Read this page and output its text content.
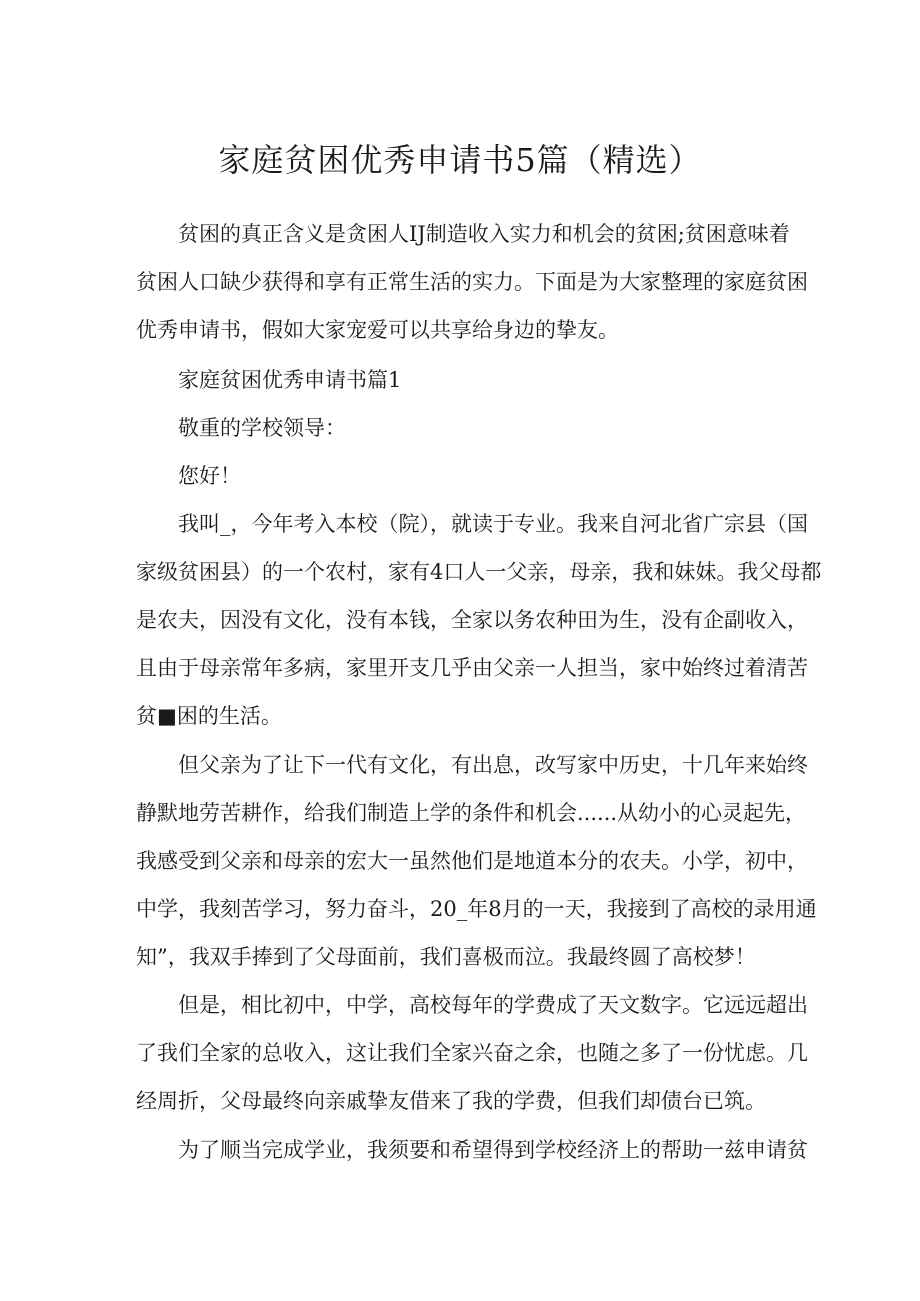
家庭贫困优秀申请书5篇（精选）
贫困的真正含义是贪困人IJ制造收入实力和机会的贫困;贫困意味着
贫困人口缺少获得和享有正常生活的实力。下面是为大家整理的家庭贫困
优秀申请书，假如大家宠爱可以共享给身边的挚友。
家庭贫困优秀申请书篇1
敬重的学校领导：
您好！
我叫_，今年考入本校（院），就读于专业。我来自河北省广宗县（国
家级贫困县）的一个农村，家有4口人一父亲，母亲，我和妹妹。我父母都
是农夫，因没有文化，没有本钱，全家以务农种田为生，没有企副收入，
且由于母亲常年多病，家里开支几乎由父亲一人担当，家中始终过着清苦
贫■困的生活。
但父亲为了让下一代有文化，有出息，改写家中历史，十几年来始终
静默地劳苦耕作，给我们制造上学的条件和机会......从幼小的心灵起先，
我感受到父亲和母亲的宏大一虽然他们是地道本分的农夫。小学，初中，
中学，我刻苦学习，努力奋斗，20_年8月的一天，我接到了高校的录用通
知”，我双手捧到了父母面前，我们喜极而泣。我最终圆了高校梦！
但是，相比初中，中学，高校每年的学费成了天文数字。它远远超出
了我们全家的总收入，这让我们全家兴奋之余，也随之多了一份忧虑。几
经周折，父母最终向亲戚挚友借来了我的学费，但我们却债台已筑。
为了顺当完成学业，我须要和希望得到学校经济上的帮助一兹申请贫
